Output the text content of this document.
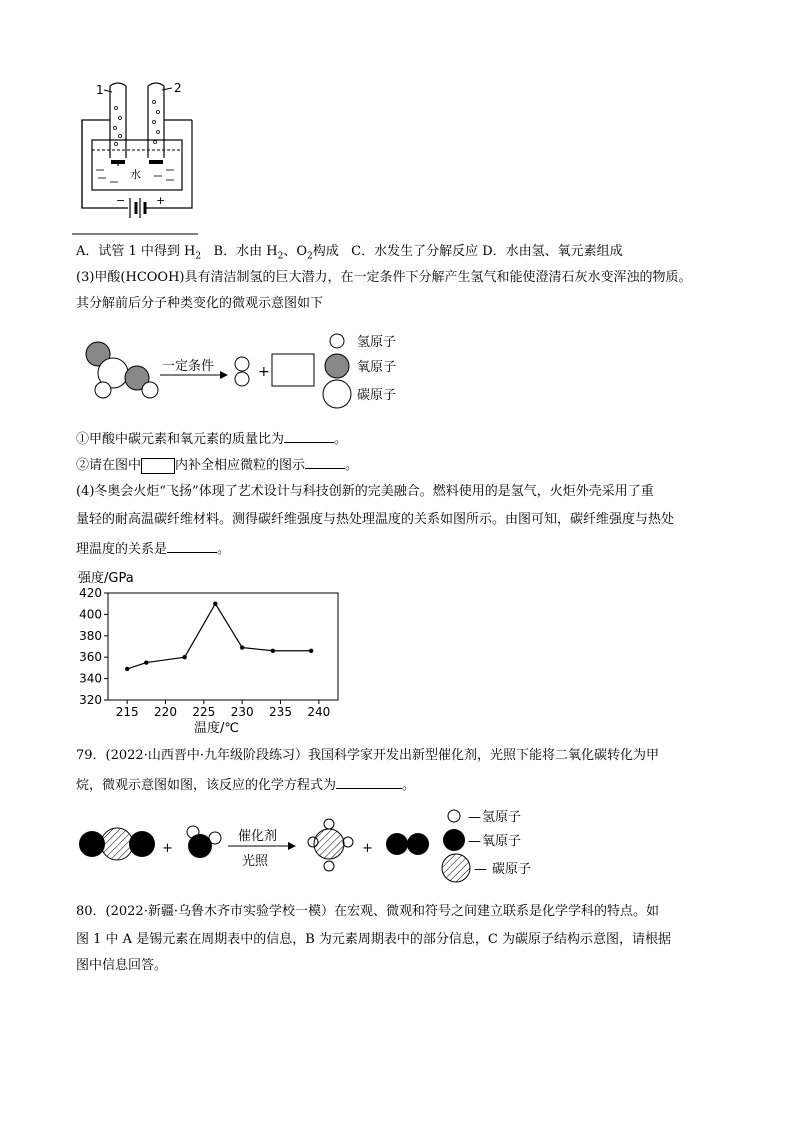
水
−	+
1	2
A．试管 1 中得到 $H_2$ B．水由 $H_2$、$O_2$构成 C．水发生了分解反应 D．水由氢、氧元素组成
(3)甲酸(HCOOH)具有清洁制氢的巨大潜力，在一定条件下分解产生氢气和能使澄清石灰水变浑浊的物质。
其分解前后分子种类变化的微观示意图如下
一定条件	+
氢原子
氧原子
碳原子
①甲酸中碳元素和氧元素的质量比为	。
②请在图中	内补全相应微粒的图示	。
(4)冬奥会火炬“飞扬”体现了艺术设计与科技创新的完美融合。燃料使用的是氢气，火炬外壳采用了重
量轻的耐高温碳纤维材料。测得碳纤维强度与热处理温度的关系如图所示。由图可知，碳纤维强度与热处
理温度的关系是	。
强度/GPa
温度/℃
215 220 225 230 235 240
320
340
360
380
400
420
79．(2022·山西晋中·九年级阶段练习）我国科学家开发出新型催化剂，光照下能将二氧化碳转化为甲
烷，微观示意图如图，该反应的化学方程式为	。
+
催化剂
光照
+
— 氢原子
— 氧原子
— 碳原子
80．(2022·新疆·乌鲁木齐市实验学校一模）在宏观、微观和符号之间建立联系是化学学科的特点。如
图 1 中 A 是锡元素在周期表中的信息，B 为元素周期表中的部分信息，C 为碳原子结构示意图，请根据
图中信息回答。
